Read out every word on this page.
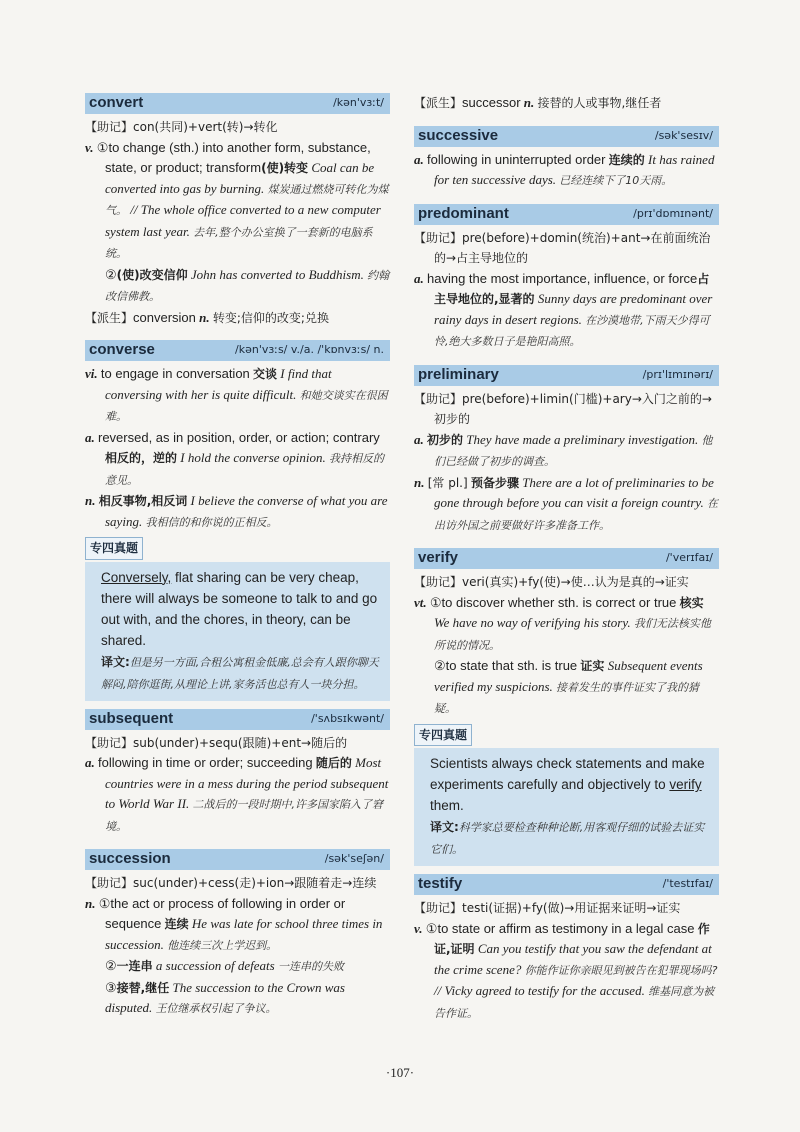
convert	/kən'vɜːt/

【助记】con(共同)+vert(转)→转化

v. ①to change (sth.) into another form, substance, state, or product; transform(使)转变 Coal can be converted into gas by burning. 煤炭通过燃烧可转化为煤气。 // The whole office converted to a new computer system last year. 去年,整个办公室换了一套新的电脑系统。

②(使)改变信仰 John has converted to Buddhism. 约翰改信佛教。

【派生】conversion n. 转变;信仰的改变;兑换

converse	/kən'vɜːs/ v./a. /'kɒnvɜːs/ n.

vi. to engage in conversation 交谈 I find that conversing with her is quite difficult. 和她交谈实在很困难。

a. reversed, as in position, order, or action; contrary 相反的，逆的 I hold the converse opinion. 我持相反的意见。

n. 相反事物,相反词 I believe the converse of what you are saying. 我相信的和你说的正相反。

专四真题
Conversely, flat sharing can be very cheap, there will always be someone to talk to and go out with, and the chores, in theory, can be shared.
译文:但是另一方面,合租公寓租金低廉,总会有人跟你聊天解闷,陪你逛街,从理论上讲,家务活也总有人一块分担。
subsequent	/'sʌbsɪkwənt/

【助记】sub(under)+sequ(跟随)+ent→随后的

a. following in time or order; succeeding 随后的 Most countries were in a mess during the period subsequent to World War II. 二战后的一段时期中,许多国家陷入了窘境。

succession	/sək'seʃən/

【助记】suc(under)+cess(走)+ion→跟随着走→连续

n. ①the act or process of following in order or sequence 连续 He was late for school three times in succession. 他连续三次上学迟到。

②一连串 a succession of defeats 一连串的失败

③接替,继任 The succession to the Crown was disputed. 王位继承权引起了争议。

【派生】successor n. 接替的人或事物,继任者

successive	/sək'sesɪv/

a. following in uninterrupted order 连续的 It has rained for ten successive days. 已经连续下了10天雨。

predominant	/prɪ'dɒmɪnənt/

【助记】pre(before)+domin(统治)+ant→在前面统治的→占主导地位的

a. having the most importance, influence, or force占主导地位的,显著的 Sunny days are predominant over rainy days in desert regions. 在沙漠地带,下雨天少得可怜,绝大多数日子是艳阳高照。

preliminary	/prɪ'lɪmɪnərɪ/

【助记】pre(before)+limin(门槛)+ary→入门之前的→初步的

a. 初步的 They have made a preliminary investigation. 他们已经做了初步的调查。

n. [常 pl.] 预备步骤 There are a lot of preliminaries to be gone through before you can visit a foreign country. 在出访外国之前要做好许多准备工作。

verify	/'verɪfaɪ/

【助记】veri(真实)+fy(使)→使…认为是真的→证实

vt. ①to discover whether sth. is correct or true 核实 We have no way of verifying his story. 我们无法核实他所说的情况。

②to state that sth. is true 证实 Subsequent events verified my suspicions. 接着发生的事件证实了我的猜疑。

专四真题
Scientists always check statements and make experiments carefully and objectively to verify them.
译文:科学家总要检查种种论断,用客观仔细的试验去证实它们。
testify	/'testɪfaɪ/

【助记】testi(证据)+fy(做)→用证据来证明→证实

v. ①to state or affirm as testimony in a legal case 作证,证明 Can you testify that you saw the defendant at the crime scene? 你能作证你亲眼见到被告在犯罪现场吗? // Vicky agreed to testify for the accused. 维基同意为被告作证。

·107·
